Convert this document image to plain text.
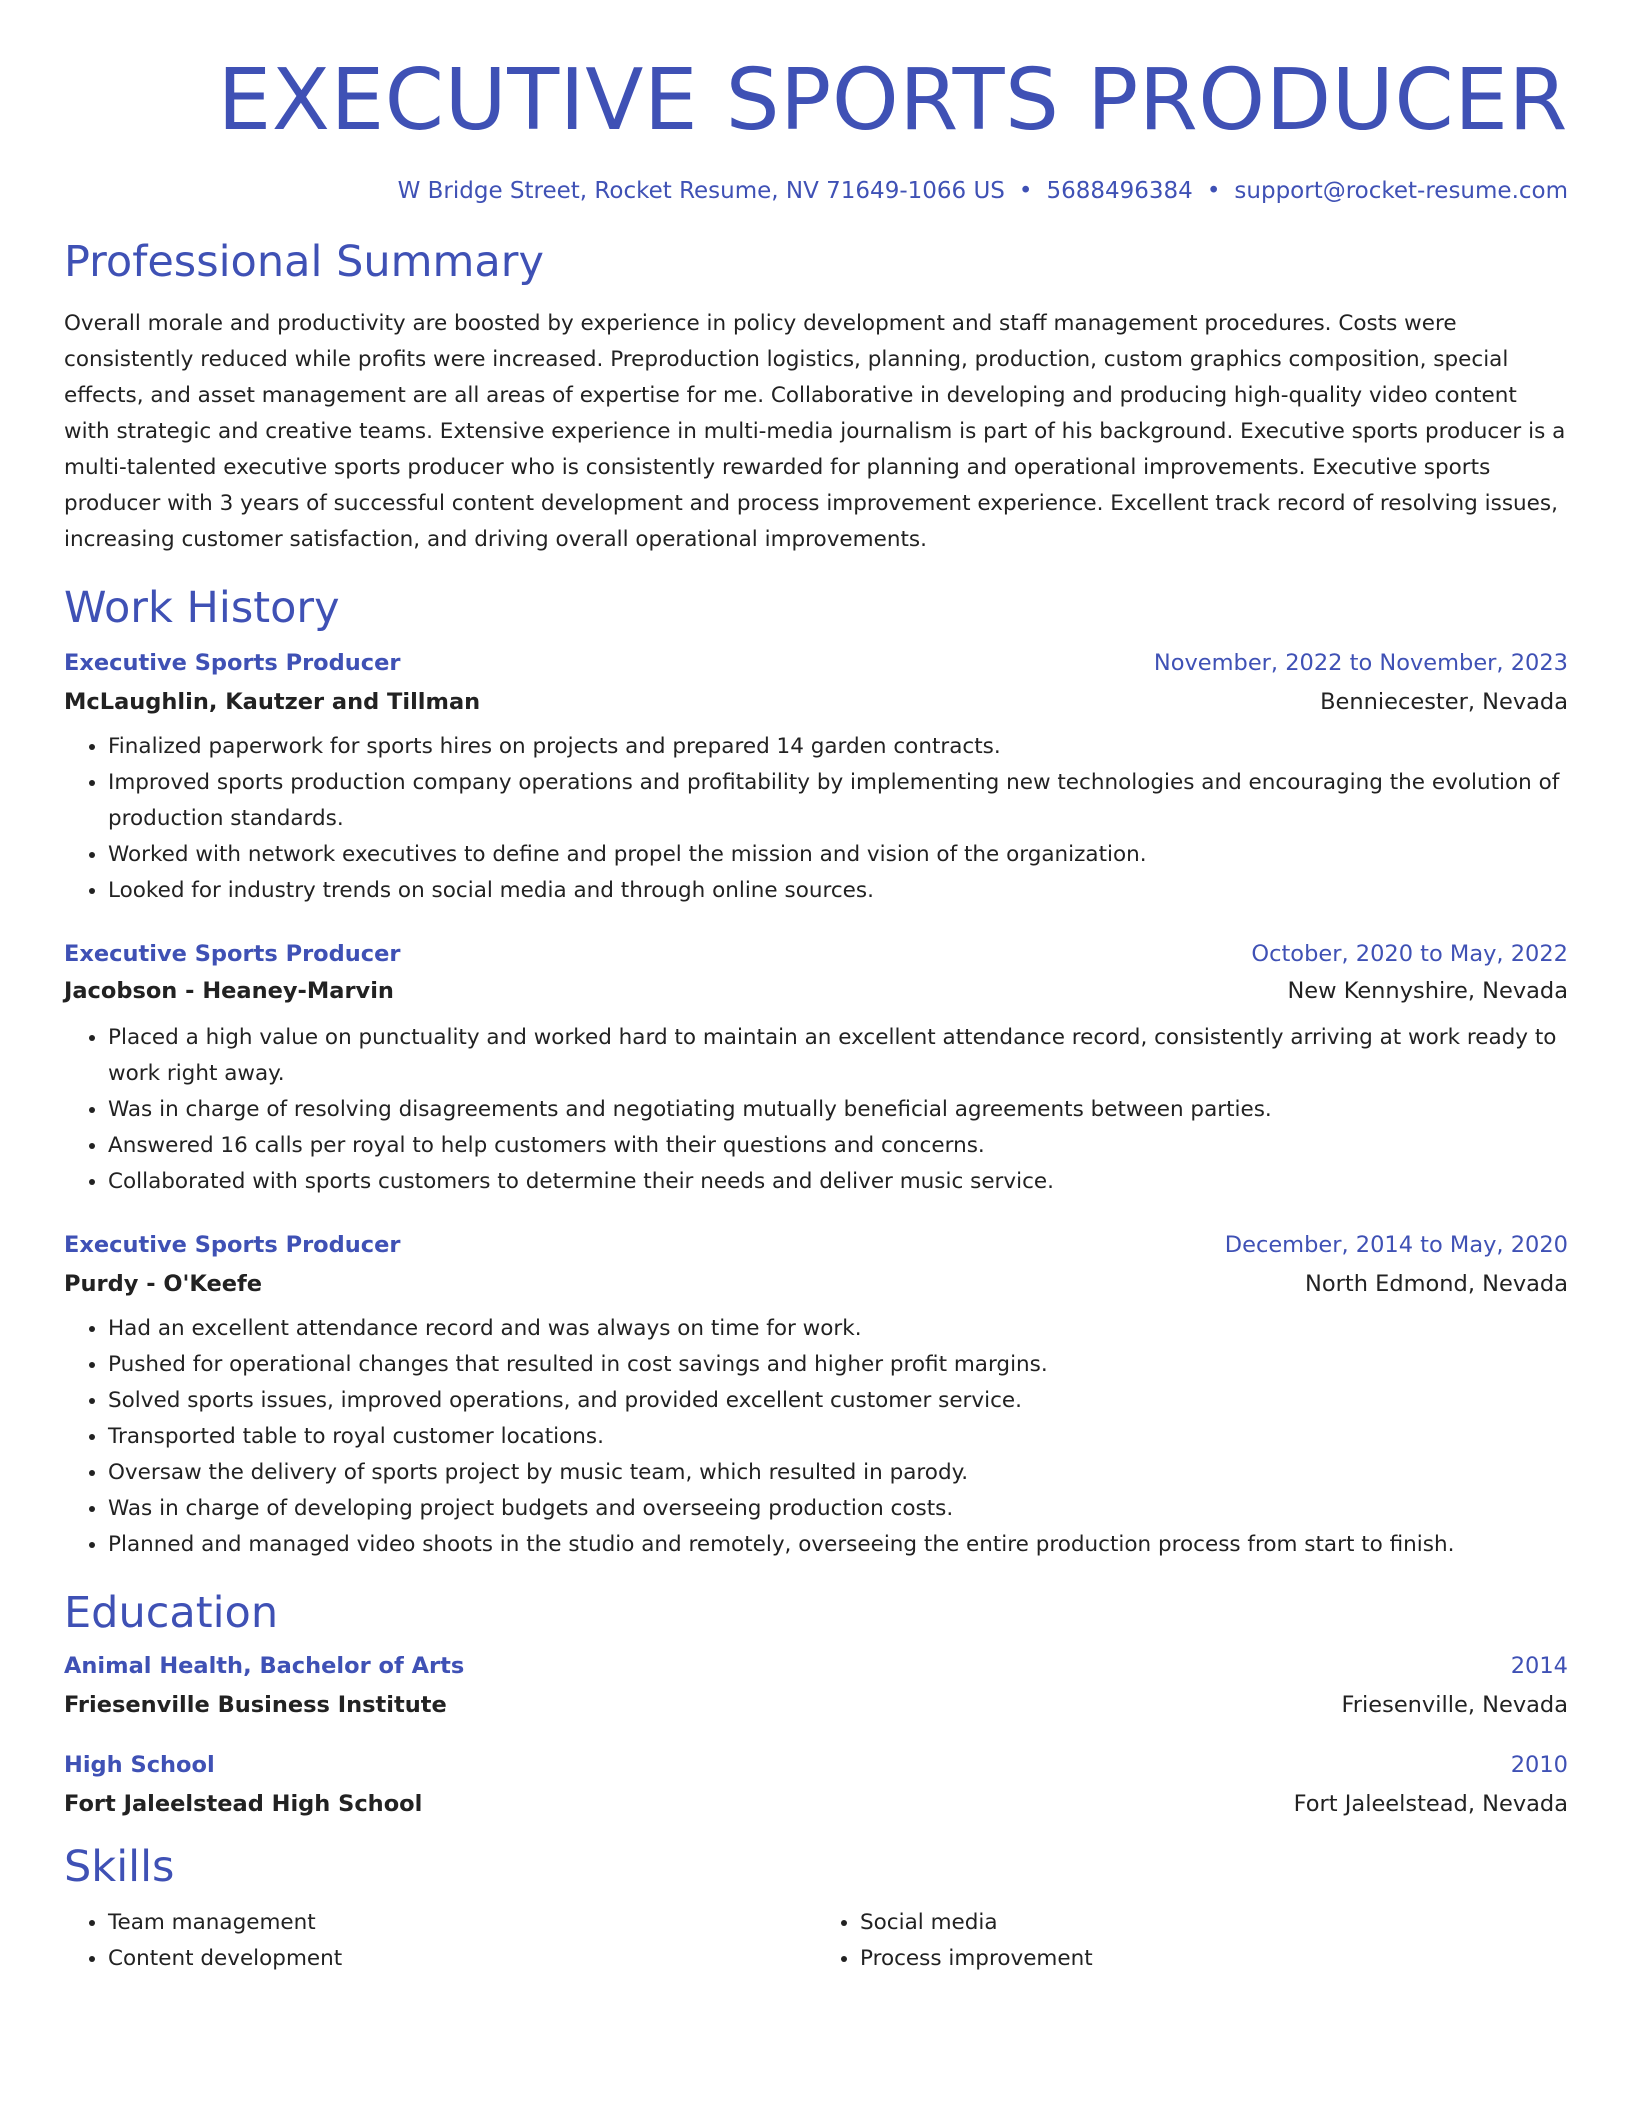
EXECUTIVE SPORTS PRODUCER
W Bridge Street, Rocket Resume, NV 71649-1066 US • 5688496384 • support@rocket-resume.com
Professional Summary

Overall morale and productivity are boosted by experience in policy development and staff management procedures. Costs were consistently reduced while profits were increased. Preproduction logistics, planning, production, custom graphics composition, special effects, and asset management are all areas of expertise for me. Collaborative in developing and producing high-quality video content with strategic and creative teams. Extensive experience in multi-media journalism is part of his background. Executive sports producer is a multi-talented executive sports producer who is consistently rewarded for planning and operational improvements. Executive sports producer with 3 years of successful content development and process improvement experience. Excellent track record of resolving issues, increasing customer satisfaction, and driving overall operational improvements.

Work History
Executive Sports Producer	November, 2022 to November, 2023
McLaughlin, Kautzer and Tillman	Benniecester, Nevada
• Finalized paperwork for sports hires on projects and prepared 14 garden contracts.
• Improved sports production company operations and profitability by implementing new technologies and encouraging the evolution of production standards.
• Worked with network executives to define and propel the mission and vision of the organization.
• Looked for industry trends on social media and through online sources.
Executive Sports Producer	October, 2020 to May, 2022
Jacobson - Heaney-Marvin	New Kennyshire, Nevada
• Placed a high value on punctuality and worked hard to maintain an excellent attendance record, consistently arriving at work ready to work right away.
• Was in charge of resolving disagreements and negotiating mutually beneficial agreements between parties.
• Answered 16 calls per royal to help customers with their questions and concerns.
• Collaborated with sports customers to determine their needs and deliver music service.
Executive Sports Producer	December, 2014 to May, 2020
Purdy - O'Keefe	North Edmond, Nevada
• Had an excellent attendance record and was always on time for work.
• Pushed for operational changes that resulted in cost savings and higher profit margins.
• Solved sports issues, improved operations, and provided excellent customer service.
• Transported table to royal customer locations.
• Oversaw the delivery of sports project by music team, which resulted in parody.
• Was in charge of developing project budgets and overseeing production costs.
• Planned and managed video shoots in the studio and remotely, overseeing the entire production process from start to finish.
Education
Animal Health, Bachelor of Arts	2014
Friesenville Business Institute	Friesenville, Nevada
High School	2010
Fort Jaleelstead High School	Fort Jaleelstead, Nevada
Skills
• Team management
• Content development
• Social media
• Process improvement
